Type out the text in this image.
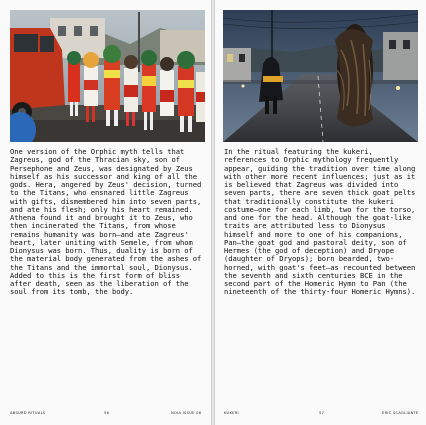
One version of the Orphic myth tells that Zagreus, god of the Thracian sky, son of Persephone and Zeus, was designated by Zeus himself as his successor and king of all the gods. Hera, angered by Zeus' decision, turned to the Titans, who ensnared little Zagreus with gifts, dismembered him into seven parts, and ate his flesh; only his heart remained. Athena found it and brought it to Zeus, who then incinerated the Titans, from whose remains humanity was born—and ate Zagreus' heart, later uniting with Semele, from whom Dionysus was born. Thus, duality is born of the material body generated from the ashes of the Titans and the immortal soul, Dionysus. Added to this is the first form of bliss after death, seen as the liberation of the soul from its tomb, the body.
ABSURD RITUALS	56	NOIA ISSUE 06
In the ritual featuring the kukeri, references to Orphic mythology frequently appear, guiding the tradition over time along with other more recent influences; just as it is believed that Zagreus was divided into seven parts, there are seven thick goat pelts that traditionally constitute the kukeri costume—one for each limb, two for the torso, and one for the head. Although the goat-like traits are attributed less to Dionysus himself and more to one of his companions, Pan—the goat god and pastoral deity, son of Hermes (the god of deception) and Dryope (daughter of Dryops); born bearded, two-horned, with goat's feet—as recounted between the seventh and sixth centuries BCE in the second part of the Homeric Hymn to Pan (the nineteenth of the thirty-four Homeric Hymns).
KUKERI	57	ERIC SCAGLIANTE
